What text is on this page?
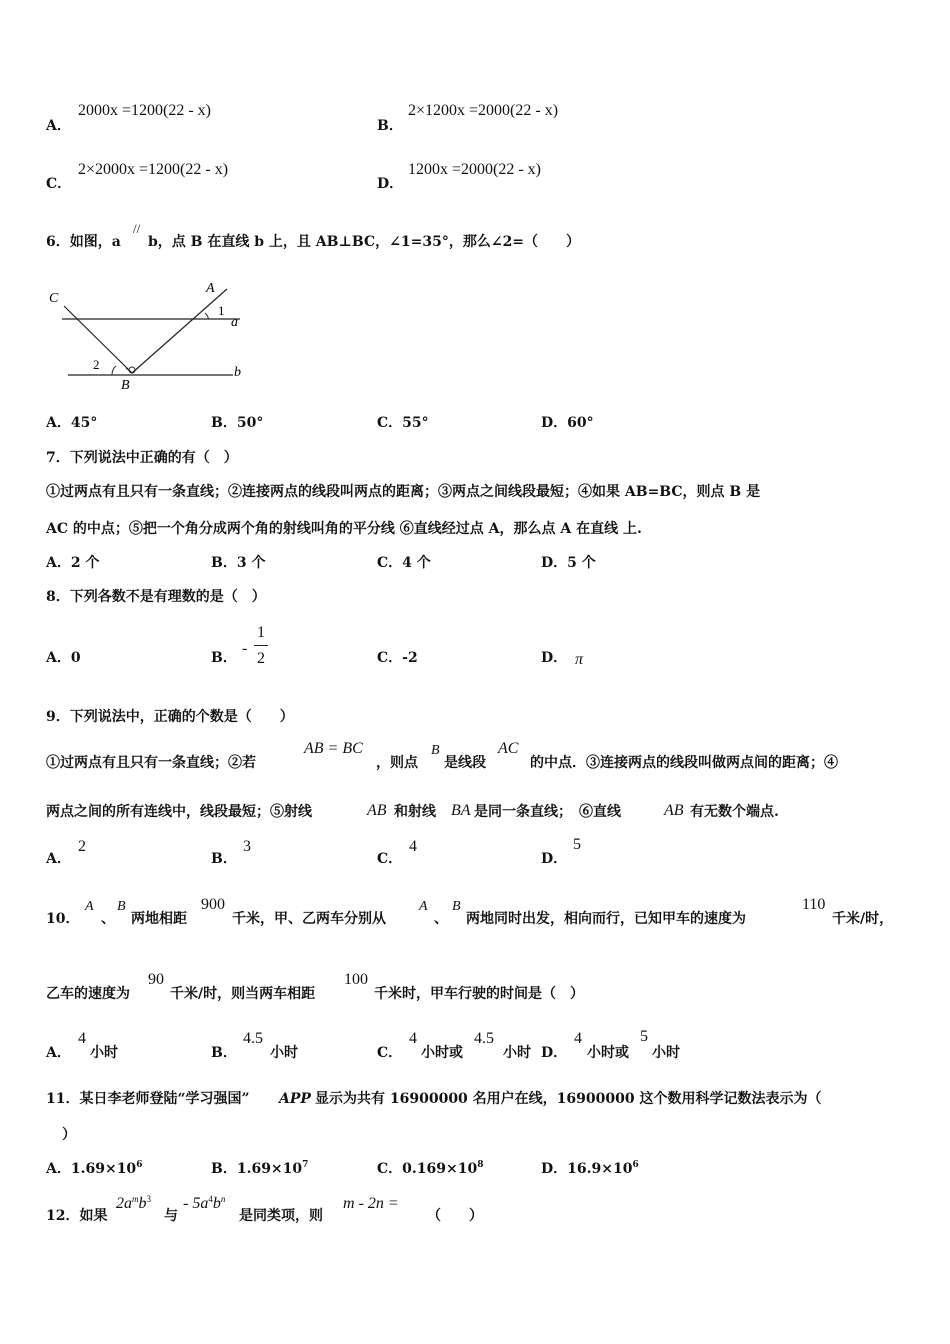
A．
2000x =1200(22 - x)
B．
2×1200x =2000(22 - x)
C．
2×2000x =1200(22 - x)
D．
1200x =2000(22 - x)
6．如图，a
//
b，点 B 在直线 b 上，且 AB⊥BC，∠1=35°，那么∠2=（　　）
C
A
1
a
2
B
b
A．45°	B．50°	C．55°	D．60°
7．下列说法中正确的有（　）
①过两点有且只有一条直线；②连接两点的线段叫两点的距离；③两点之间线段最短；④如果 AB=BC，则点 B 是
AC 的中点；⑤把一个角分成两个角的射线叫角的平分线 ⑥直线经过点 A，那么点 A 在直线 上.
A．2 个	B．3 个	C．4 个	D．5 个
8．下列各数不是有理数的是（　）
A．0	B．
-
1
2	C．-2	D． π
9．下列说法中，正确的个数是（　　）
①过两点有且只有一条直线；②若
AB = BC
，则点
B
是线段
AC
的中点．③连接两点的线段叫做两点间的距离；④
两点之间的所有连线中，线段最短；⑤射线	AB 和射线 BA 是同一条直线；　⑥直线	AB 有无数个端点.
A．
2
B．
3
C．
4
D．
5
10．
A
、
B
两地相距
900
千米，甲、乙两车分别从
A
、
B
两地同时出发，相向而行，已知甲车的速度为
110
千米/时，
乙车的速度为
90
千米/时，则当两车相距
100
千米时，甲车行驶的时间是（　）
A．
4
小时	B．
4.5
小时	C．
4
小时或
4.5
小时 D．
4
小时或
5
小时
11．某日李老师登陆“学习强国” APP 显示为共有 16900000 名用户在线，16900000 这个数用科学记数法表示为（
）
A．$1.69\times 10^6$	B．$1.69\times 10^7$	C．$0.169\times 10^8$	D．$16.9\times 10^6$
12．如果
$2a^mb^3$
与
- $5a^4b^n$
是同类项，则
m - 2n =
（　　）
